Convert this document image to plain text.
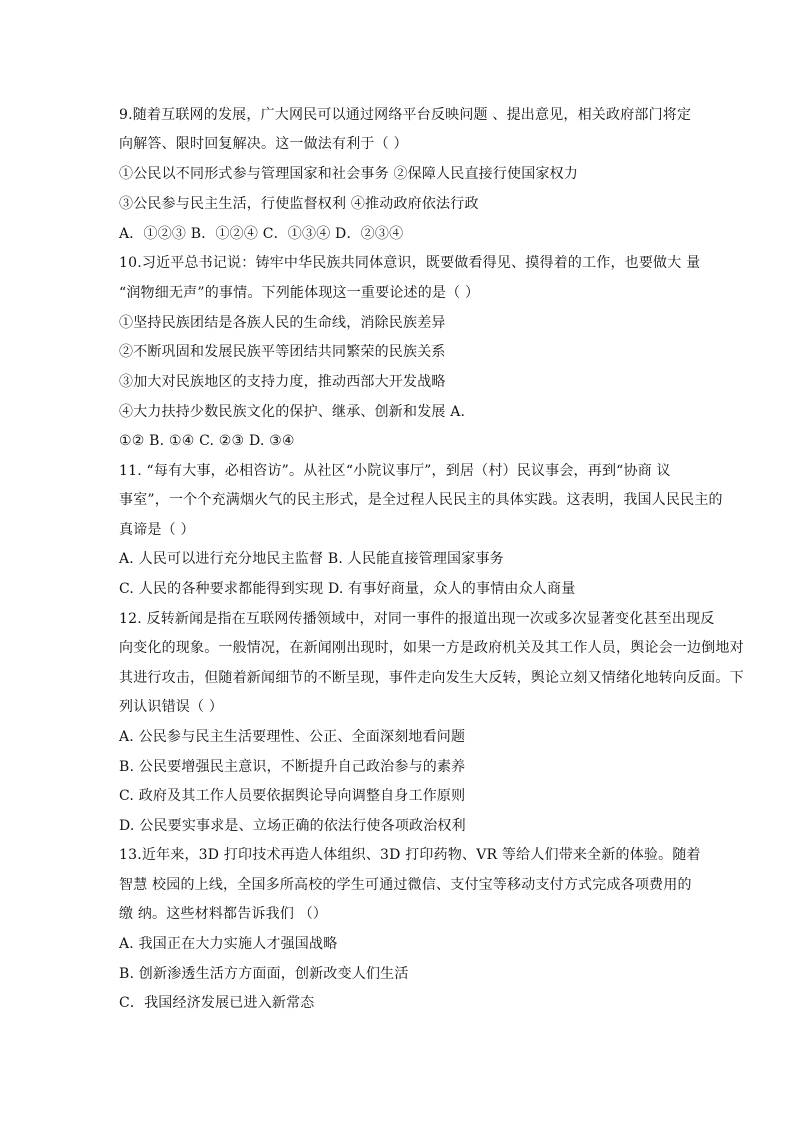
9.随着互联网的发展，广大网民可以通过网络平台反映问题 、提出意见，相关政府部门将定
向解答、限时回复解决。这一做法有利于（ ）
①公民以不同形式参与管理国家和社会事务 ②保障人民直接行使国家权力
③公民参与民主生活，行使监督权利 ④推动政府依法行政
A．①②③ B．①②④ C．①③④ D．②③④
10.习近平总书记说：铸牢中华民族共同体意识，既要做看得见、摸得着的工作，也要做大 量
“润物细无声”的事情。下列能体现这一重要论述的是（ ）
①坚持民族团结是各族人民的生命线，消除民族差异
②不断巩固和发展民族平等团结共同繁荣的民族关系
③加大对民族地区的支持力度，推动西部大开发战略
④大力扶持少数民族文化的保护、继承、创新和发展 A.
①② B. ①④ C. ②③ D. ③④
11. “每有大事，必相咨访”。从社区“小院议事厅”，到居（村）民议事会，再到“协商 议
事室”，一个个充满烟火气的民主形式，是全过程人民民主的具体实践。这表明，我国人民民主的
真谛是（ ）
A. 人民可以进行充分地民主监督 B. 人民能直接管理国家事务
C. 人民的各种要求都能得到实现 D. 有事好商量，众人的事情由众人商量
12. 反转新闻是指在互联网传播领域中，对同一事件的报道出现一次或多次显著变化甚至出现反
向变化的现象。一般情况，在新闻刚出现时，如果一方是政府机关及其工作人员，舆论会一边倒地对
其进行攻击，但随着新闻细节的不断呈现，事件走向发生大反转，舆论立刻又情绪化地转向反面。下
列认识错误（ ）
A. 公民参与民主生活要理性、公正、全面深刻地看问题
B. 公民要增强民主意识，不断提升自己政治参与的素养
C. 政府及其工作人员要依据舆论导向调整自身工作原则
D. 公民要实事求是、立场正确的依法行使各项政治权利
13.近年来，3D 打印技术再造人体组织、3D 打印药物、VR 等给人们带来全新的体验。随着
智慧 校园的上线，全国多所高校的学生可通过微信、支付宝等移动支付方式完成各项费用的
缴 纳。这些材料都告诉我们 （）
A. 我国正在大力实施人才强国战略
B. 创新渗透生活方方面面，创新改变人们生活
C．我国经济发展已进入新常态
